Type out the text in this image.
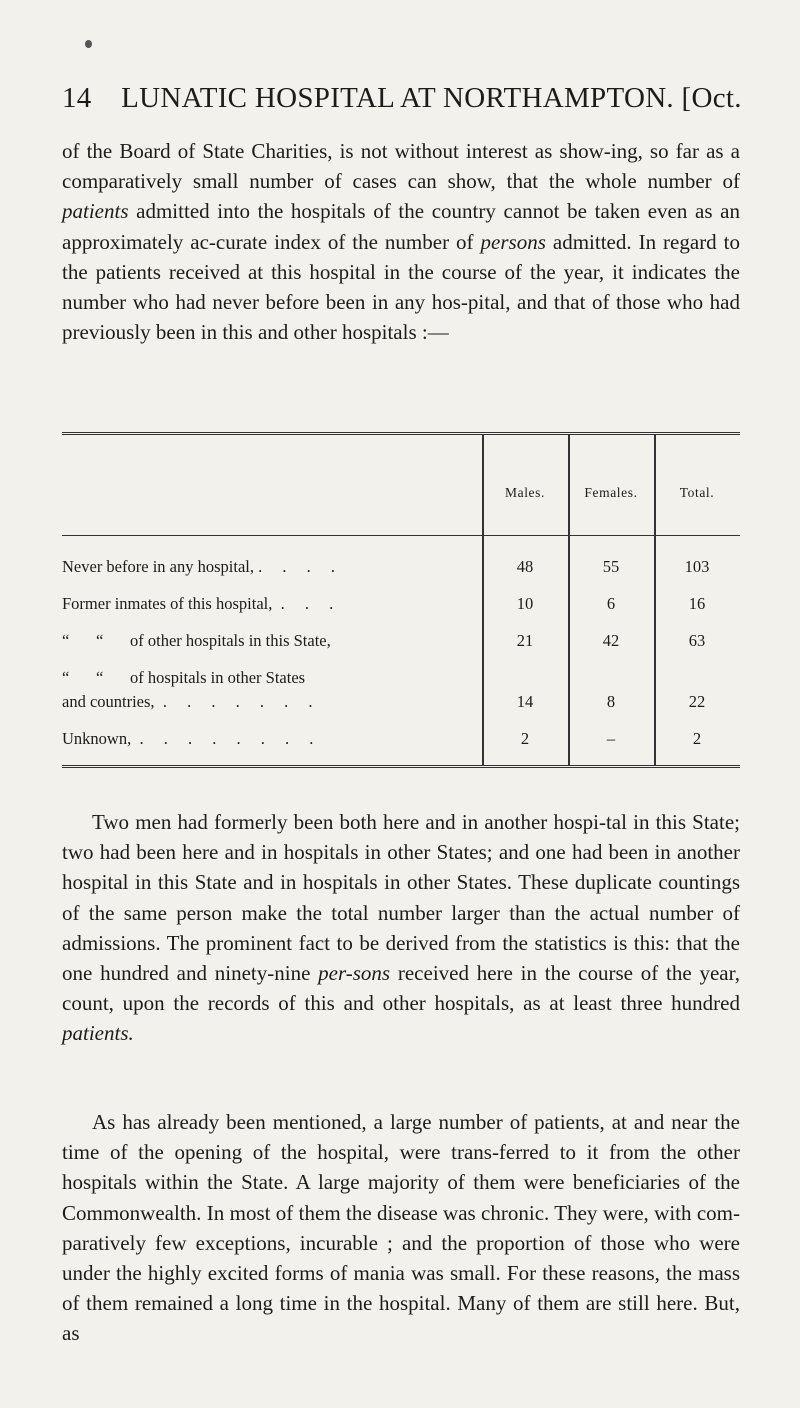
14 LUNATIC HOSPITAL AT NORTHAMPTON. [Oct.

of the Board of State Charities, is not without interest as show-ing, so far as a comparatively small number of cases can show, that the whole number of patients admitted into the hospitals of the country cannot be taken even as an approximately ac-curate index of the number of persons admitted. In regard to the patients received at this hospital in the course of the year, it indicates the number who had never before been in any hos-pital, and that of those who had previously been in this and other hospitals :—

Males.	Females.	Total.
Never before in any hospital, . . . .	48	55	103
Former inmates of this hospital, . . .	10	6	16
“ “ of other hospitals in this State,	21	42	63
“ “ of hospitals in other States
and countries, . . . . . . .	14	8	22
Unknown, . . . . . . . .	2	–	2

Two men had formerly been both here and in another hospi-tal in this State; two had been here and in hospitals in other States; and one had been in another hospital in this State and in hospitals in other States. These duplicate countings of the same person make the total number larger than the actual number of admissions. The prominent fact to be derived from the statistics is this: that the one hundred and ninety-nine per-sons received here in the course of the year, count, upon the records of this and other hospitals, as at least three hundred patients.

As has already been mentioned, a large number of patients, at and near the time of the opening of the hospital, were trans-ferred to it from the other hospitals within the State. A large majority of them were beneficiaries of the Commonwealth. In most of them the disease was chronic. They were, with com-paratively few exceptions, incurable ; and the proportion of those who were under the highly excited forms of mania was small. For these reasons, the mass of them remained a long time in the hospital. Many of them are still here. But, as
